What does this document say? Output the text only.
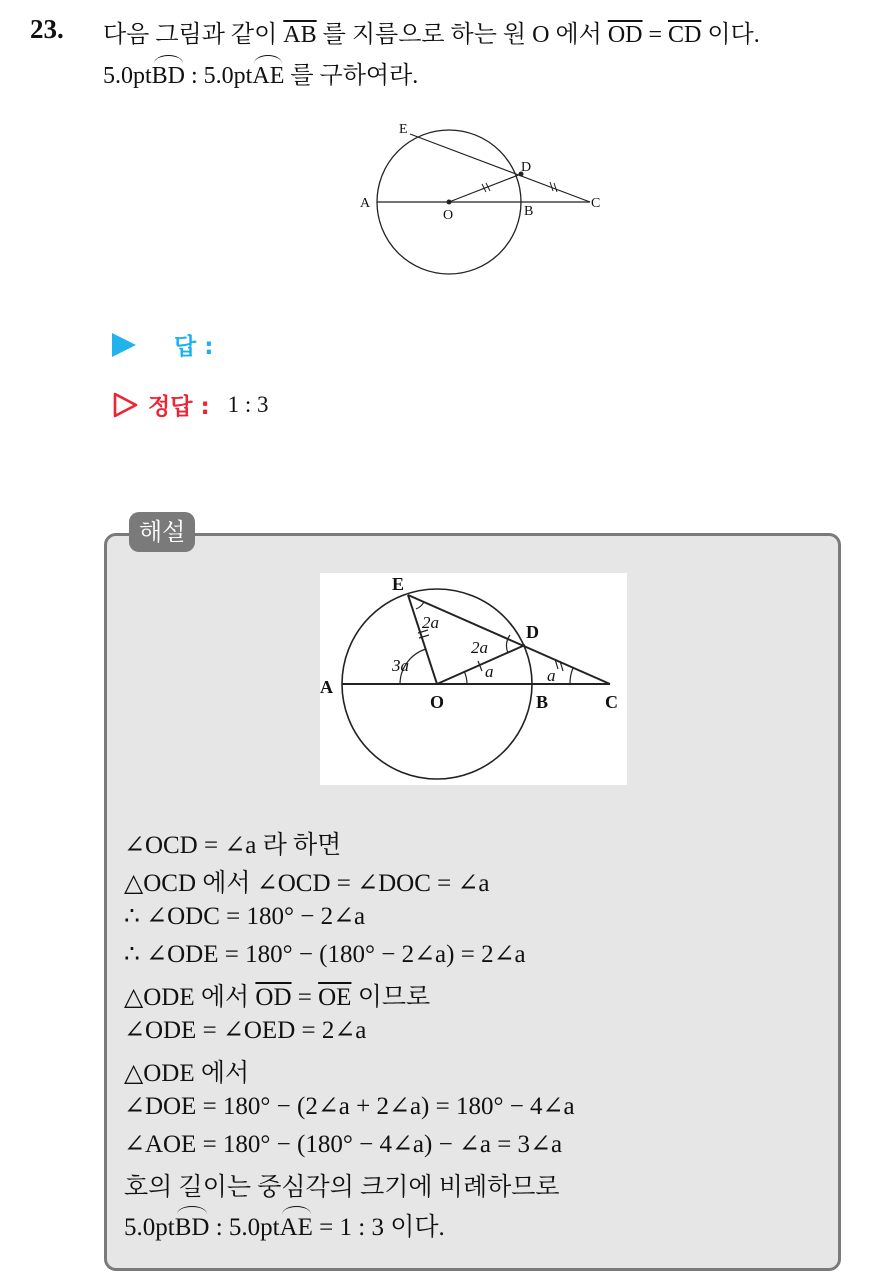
23. 다음 그림과 같이 $\overline{AB}$ 를 지름으로 하는 원 O 에서 $\overline{OD} = \overline{CD}$ 이다.
5.0ptBD : 5.0ptAE 를 구하여라.
E
D
A
O	B
C
답 :
정답 : 1 : 3
해설
E
D
A
O	B	C
2a
2a
3a	a	a
∠OCD = ∠a 라 하면
△OCD 에서 ∠OCD = ∠DOC = ∠a
∴ ∠ODC = 180° − 2∠a
∴ ∠ODE = 180° − (180° − 2∠a) = 2∠a
△ODE 에서 $\overline{OD} = \overline{OE}$ 이므로
∠ODE = ∠OED = 2∠a
△ODE 에서
∠DOE = 180° − (2∠a + 2∠a) = 180° − 4∠a
∠AOE = 180° − (180° − 4∠a) − ∠a = 3∠a
호의 길이는 중심각의 크기에 비례하므로
5.0ptBD : 5.0ptAE = 1 : 3 이다.
